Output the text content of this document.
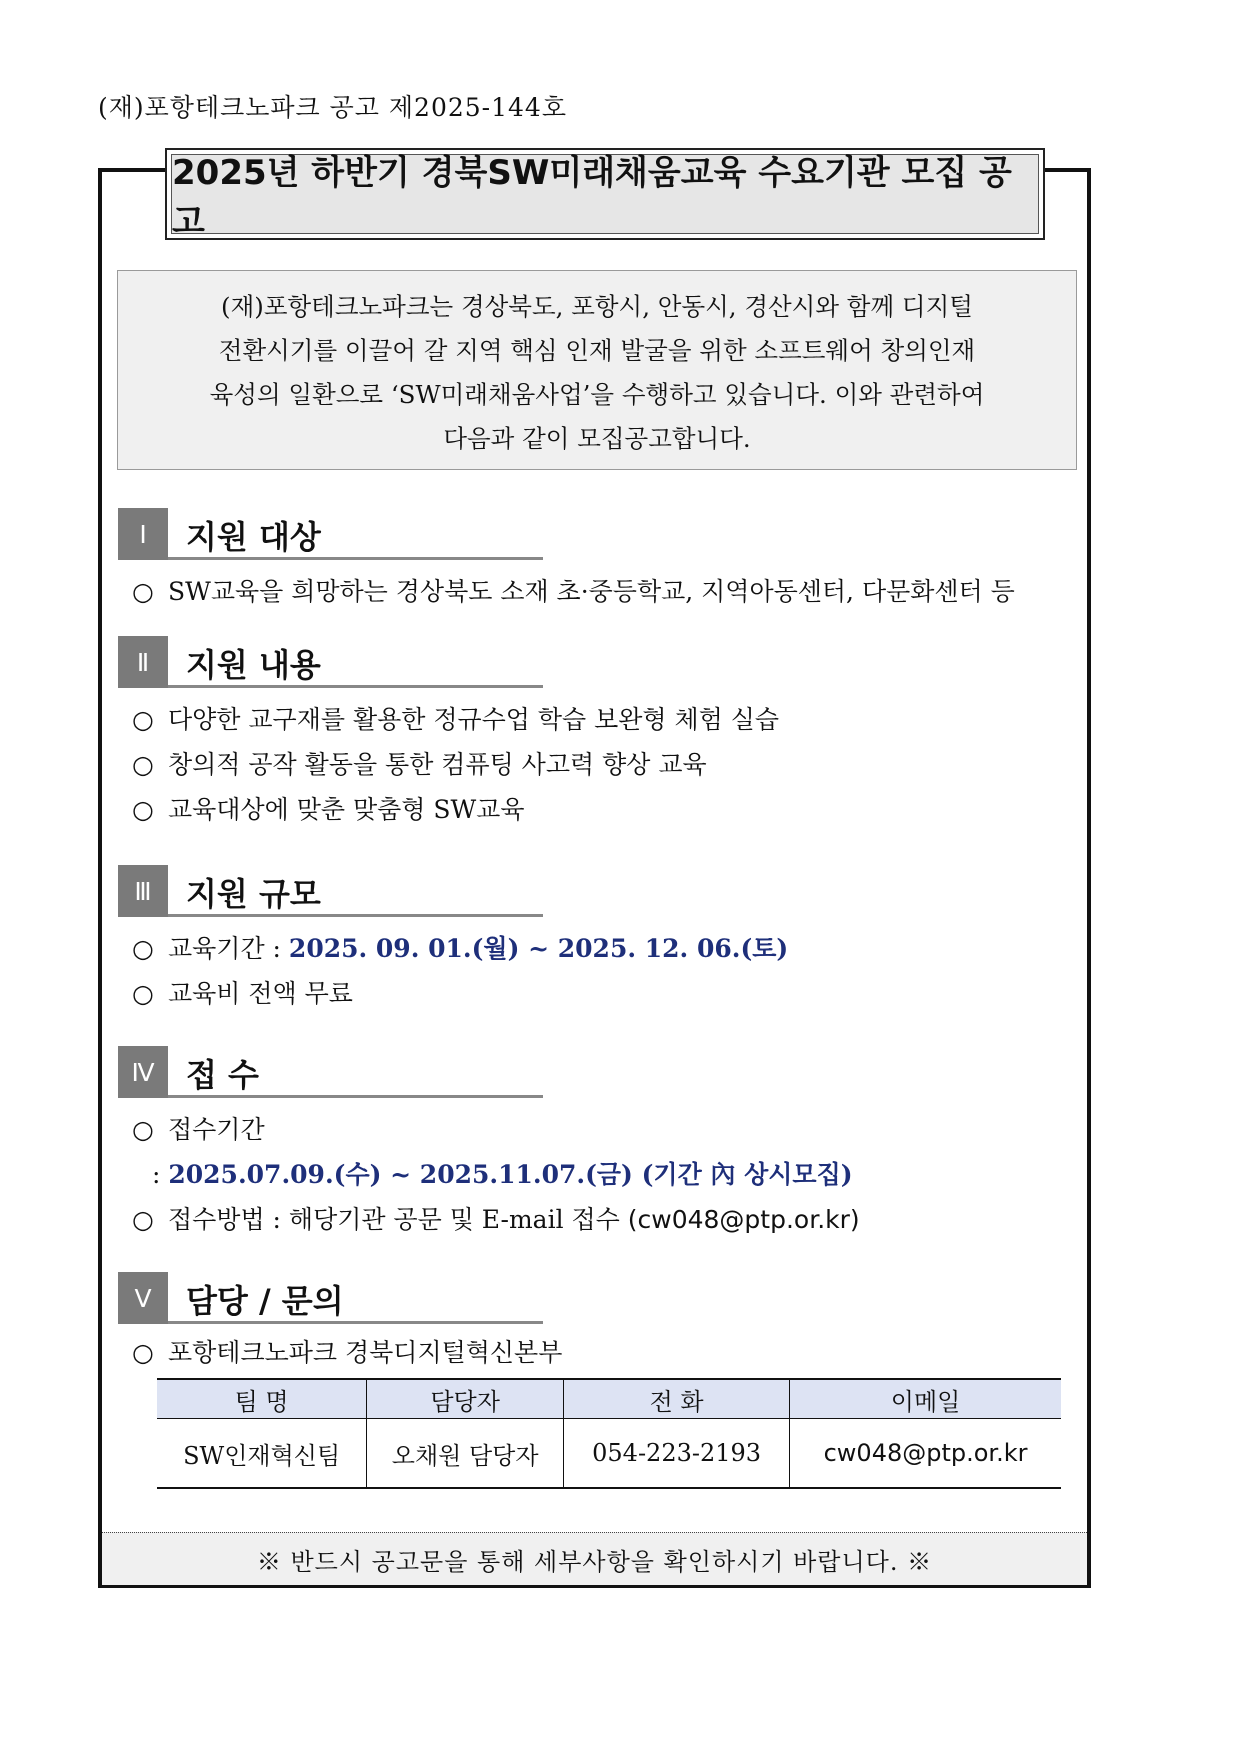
(재)포항테크노파크 공고 제2025-144호
2025년 하반기 경북SW미래채움교육 수요기관 모집 공고
(재)포항테크노파크는 경상북도, 포항시, 안동시, 경산시와 함께 디지털
전환시기를 이끌어 갈 지역 핵심 인재 발굴을 위한 소프트웨어 창의인재
육성의 일환으로 ‘SW미래채움사업’을 수행하고 있습니다. 이와 관련하여
다음과 같이 모집공고합니다.
Ⅰ	지원 대상
○ SW교육을 희망하는 경상북도 소재 초·중등학교, 지역아동센터, 다문화센터 등
Ⅱ	지원 내용
○ 다양한 교구재를 활용한 정규수업 학습 보완형 체험 실습
○ 창의적 공작 활동을 통한 컴퓨팅 사고력 향상 교육
○ 교육대상에 맞춘 맞춤형 SW교육
Ⅲ	지원 규모
○ 교육기간 : 2025. 09. 01.(월) ~ 2025. 12. 06.(토)
○ 교육비 전액 무료
Ⅳ 접 수
○ 접수기간
: 2025.07.09.(수) ~ 2025.11.07.(금) (기간 內 상시모집)
○ 접수방법 : 해당기관 공문 및 E-mail 접수 (cw048@ptp.or.kr)
Ⅴ	담당 / 문의
○ 포항테크노파크 경북디지털혁신본부
팀 명	담당자	전 화	이메일
SW인재혁신팀	오채원 담당자	054-223-2193	cw048@ptp.or.kr
※ 반드시 공고문을 통해 세부사항을 확인하시기 바랍니다. ※
